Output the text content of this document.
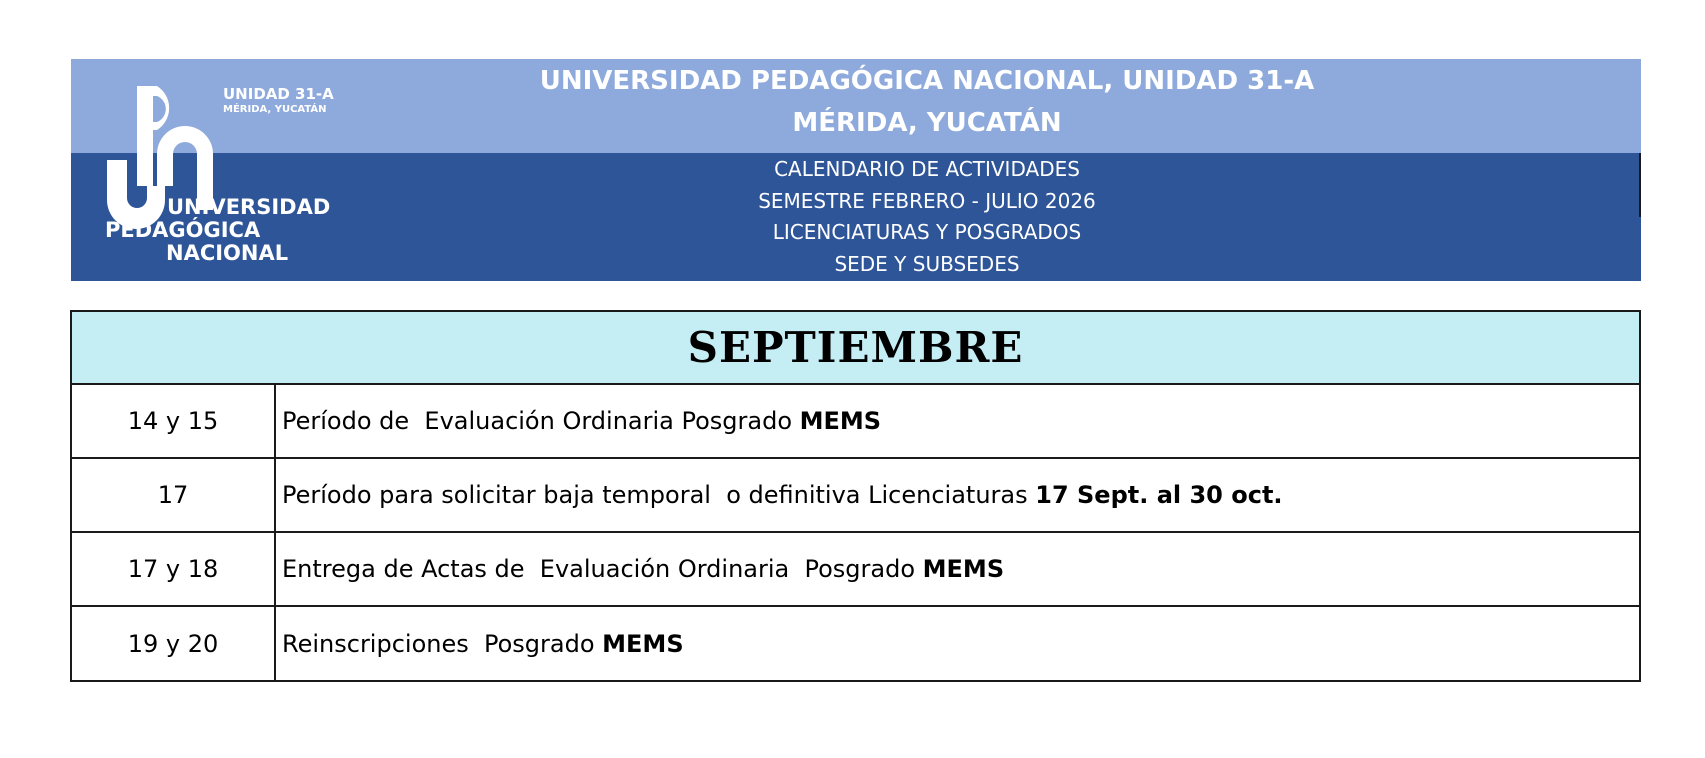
UNIVERSIDAD PEDAGÓGICA NACIONAL, UNIDAD 31-A
MÉRIDA, YUCATÁN
CALENDARIO DE ACTIVIDADES
SEMESTRE FEBRERO - JULIO 2026
LICENCIATURAS Y POSGRADOS
SEDE Y SUBSEDES
UNIDAD 31-A
MÉRIDA, YUCATÁN
UNIVERSIDAD
PEDAGÓGICA
NACIONAL
SEPTIEMBRE
14 y 15	Período de  Evaluación Ordinaria Posgrado MEMS
17	Período para solicitar baja temporal  o definitiva Licenciaturas 17 Sept. al 30 oct.
17 y 18	Entrega de Actas de  Evaluación Ordinaria  Posgrado MEMS
19 y 20	Reinscripciones  Posgrado MEMS
